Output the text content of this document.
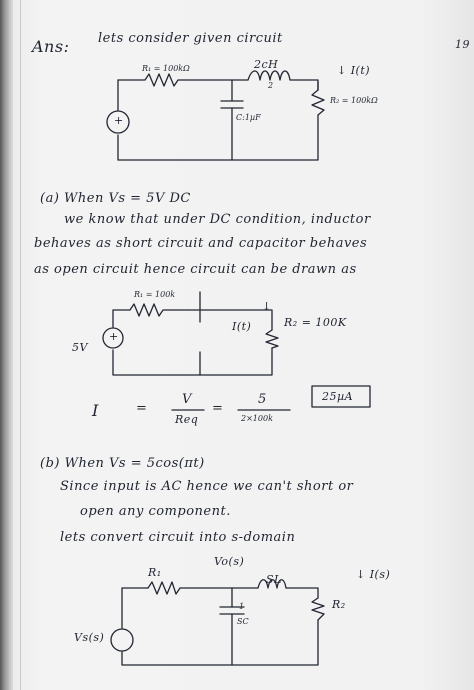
19
Ans: lets consider given circuit
R₁ = 100kΩ	2cH
2
↓ I(t)
C:1µF
R₂ = 100kΩ
+
(a) When Vs = 5V DC
we know that under DC condition, inductor
behaves as short circuit and capacitor behaves
as open circuit hence circuit can be drawn as
R₁ = 100k
↓
I(t)	R₂ = 100K
5V
+
I	=
V
Req
=
5
2×100k
25µA
(b) When Vs = 5cos(πt)
Since input is AC hence we can't short or
open any component.
lets convert circuit into s-domain
R₁
Vo(s)
SL	↓ I(s)
1
SC
R₂
Vs(s)
